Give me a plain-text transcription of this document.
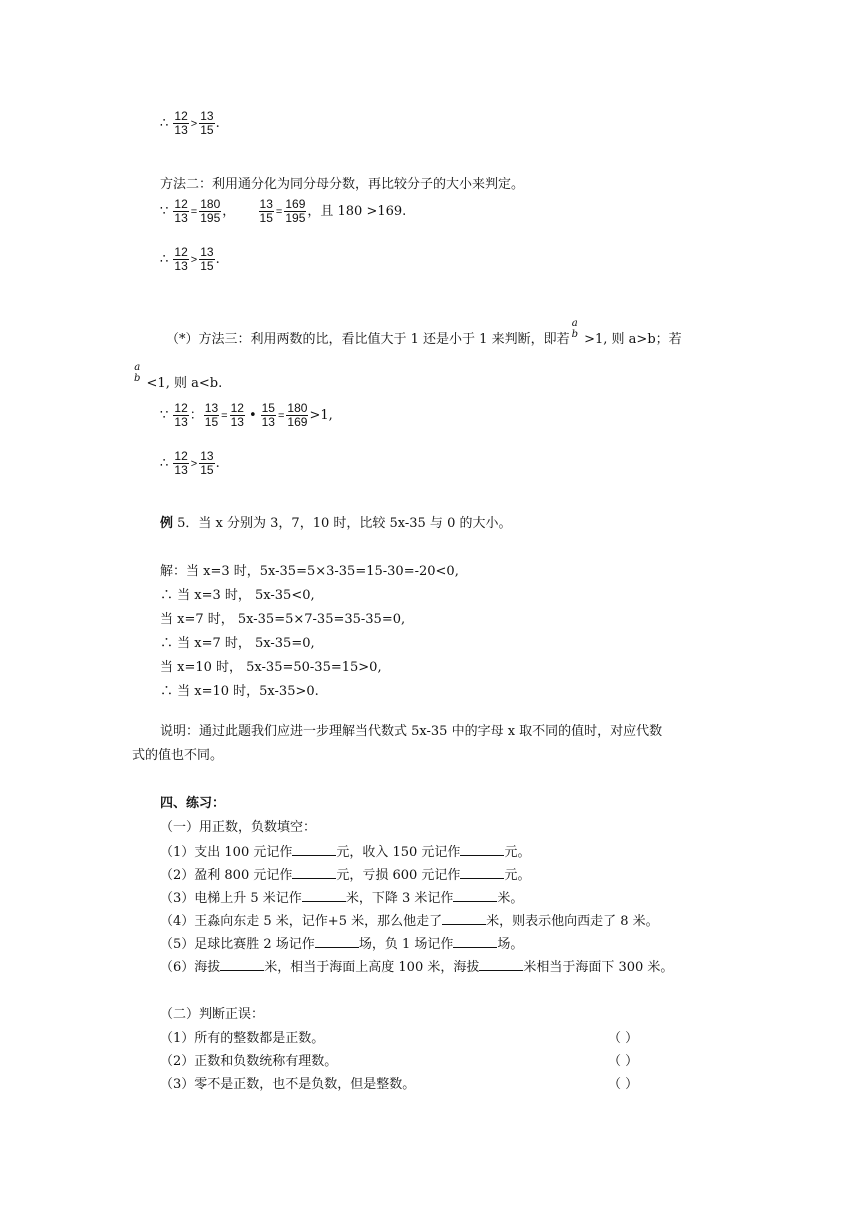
∴ $\frac{12}{13} > \frac{13}{15}$ .
方法二：利用通分化为同分母分数，再比较分子的大小来判定。
∵ $\frac{12}{13} = \frac{180}{195}$ ， $\frac{13}{15} = \frac{169}{195}$ ，且 180 >169.
∴ $\frac{12}{13} > \frac{13}{15}$ .
（*）方法三：利用两数的比，看比值大于 1 还是小于 1 来判断，即若
a
b >1, 则 a>b；若
a
b <1, 则 a<b.
∵ $\frac{12}{13}$ ： $\frac{13}{15} = \frac{12}{13}$ • $\frac{15}{13} = \frac{180}{169} >1$,
∴ $\frac{12}{13} > \frac{13}{15}$ .
例 5．当 x 分别为 3，7，10 时，比较 5x-35 与 0 的大小。
解：当 x=3 时，5x-35=5×3-35=15-30=-20<0,
∴ 当 x=3 时， 5x-35<0,
当 x=7 时， 5x-35=5×7-35=35-35=0,
∴ 当 x=7 时， 5x-35=0,
当 x=10 时， 5x-35=50-35=15>0,
∴ 当 x=10 时，5x-35>0.
说明：通过此题我们应进一步理解当代数式 5x-35 中的字母 x 取不同的值时，对应代数
式的值也不同。
四、练习：
（一）用正数，负数填空：
（1）支出 100 元记作	元，收入 150 元记作	元。
（2）盈利 800 元记作	元，亏损 600 元记作	元。
（3）电梯上升 5 米记作	米，下降 3 米记作	米。
（4）王淼向东走 5 米，记作+5 米，那么他走了	米，则表示他向西走了 8 米。
（5）足球比赛胜 2 场记作	场，负 1 场记作	场。
（6）海拔	米，相当于海面上高度 100 米，海拔	米相当于海面下 300 米。
（二）判断正误：
（1）所有的整数都是正数。	（ ）
（2）正数和负数统称有理数。	（ ）
（3）零不是正数，也不是负数，但是整数。	（ ）
